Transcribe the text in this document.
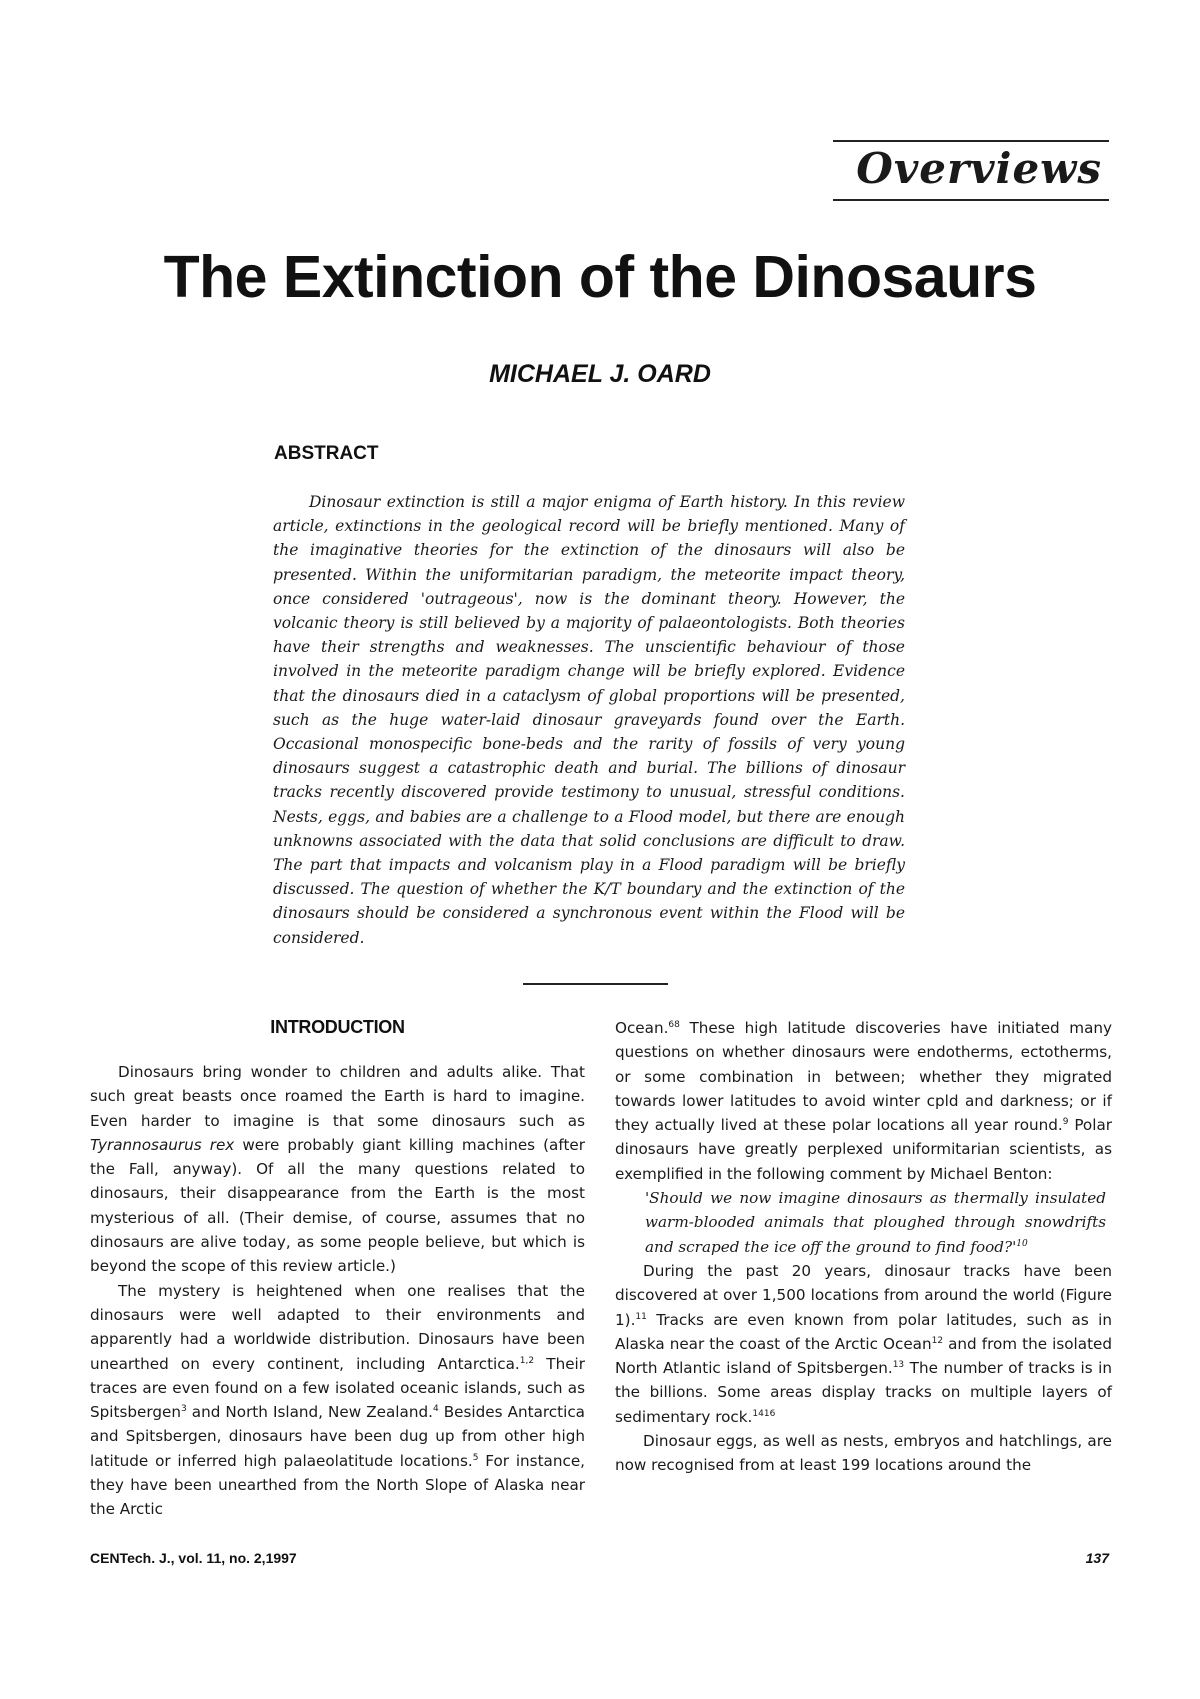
Overviews
The Extinction of the Dinosaurs
MICHAEL J. OARD
ABSTRACT

Dinosaur extinction is still a major enigma of Earth history. In this review article, extinctions in the geological record will be briefly mentioned. Many of the imaginative theories for the extinction of the dinosaurs will also be presented. Within the uniformitarian paradigm, the meteorite impact theory, once considered 'outrageous', now is the dominant theory. However, the volcanic theory is still believed by a majority of palaeontologists. Both theories have their strengths and weaknesses. The unscientific behaviour of those involved in the meteorite paradigm change will be briefly explored. Evidence that the dinosaurs died in a cataclysm of global proportions will be presented, such as the huge water-laid dinosaur graveyards found over the Earth. Occasional monospecific bone-beds and the rarity of fossils of very young dinosaurs suggest a catastrophic death and burial. The billions of dinosaur tracks recently discovered provide testimony to unusual, stressful conditions. Nests, eggs, and babies are a challenge to a Flood model, but there are enough unknowns associated with the data that solid conclusions are difficult to draw. The part that impacts and volcanism play in a Flood paradigm will be briefly discussed. The question of whether the K/T boundary and the extinction of the dinosaurs should be considered a synchronous event within the Flood will be considered.

INTRODUCTION

Dinosaurs bring wonder to children and adults alike. That such great beasts once roamed the Earth is hard to imagine. Even harder to imagine is that some dinosaurs such as Tyrannosaurus rex were probably giant killing machines (after the Fall, anyway). Of all the many questions related to dinosaurs, their disappearance from the Earth is the most mysterious of all. (Their demise, of course, assumes that no dinosaurs are alive today, as some people believe, but which is beyond the scope of this review article.)

The mystery is heightened when one realises that the dinosaurs were well adapted to their environments and apparently had a worldwide distribution. Dinosaurs have been unearthed on every continent, including Antarctica.$^{1,2}$ Their traces are even found on a few isolated oceanic islands, such as Spitsbergen$^3$ and North Island, New Zealand.$^4$ Besides Antarctica and Spitsbergen, dinosaurs have been dug up from other high latitude or inferred high palaeolatitude locations.$^5$ For instance, they have been unearthed from the North Slope of Alaska near the Arctic

Ocean.$^{68}$ These high latitude discoveries have initiated many questions on whether dinosaurs were endotherms, ectotherms, or some combination in between; whether they migrated towards lower latitudes to avoid winter cpld and darkness; or if they actually lived at these polar locations all year round.$^9$ Polar dinosaurs have greatly perplexed uniformitarian scientists, as exemplified in the following comment by Michael Benton:

'Should we now imagine dinosaurs as thermally insulated warm-blooded animals that ploughed through snowdrifts and scraped the ice off the ground to find $food?'^{10}$

During the past 20 years, dinosaur tracks have been discovered at over 1,500 locations from around the world (Figure 1).$^{11}$ Tracks are even known from polar latitudes, such as in Alaska near the coast of the Arctic Ocean$^{12}$ and from the isolated North Atlantic island of Spitsbergen.$^{13}$ The number of tracks is in the billions. Some areas display tracks on multiple layers of sedimentary rock.$^{1416}$

Dinosaur eggs, as well as nests, embryos and hatchlings, are now recognised from at least 199 locations around the

CENTech. J., vol. 11, no. 2,1997	137
